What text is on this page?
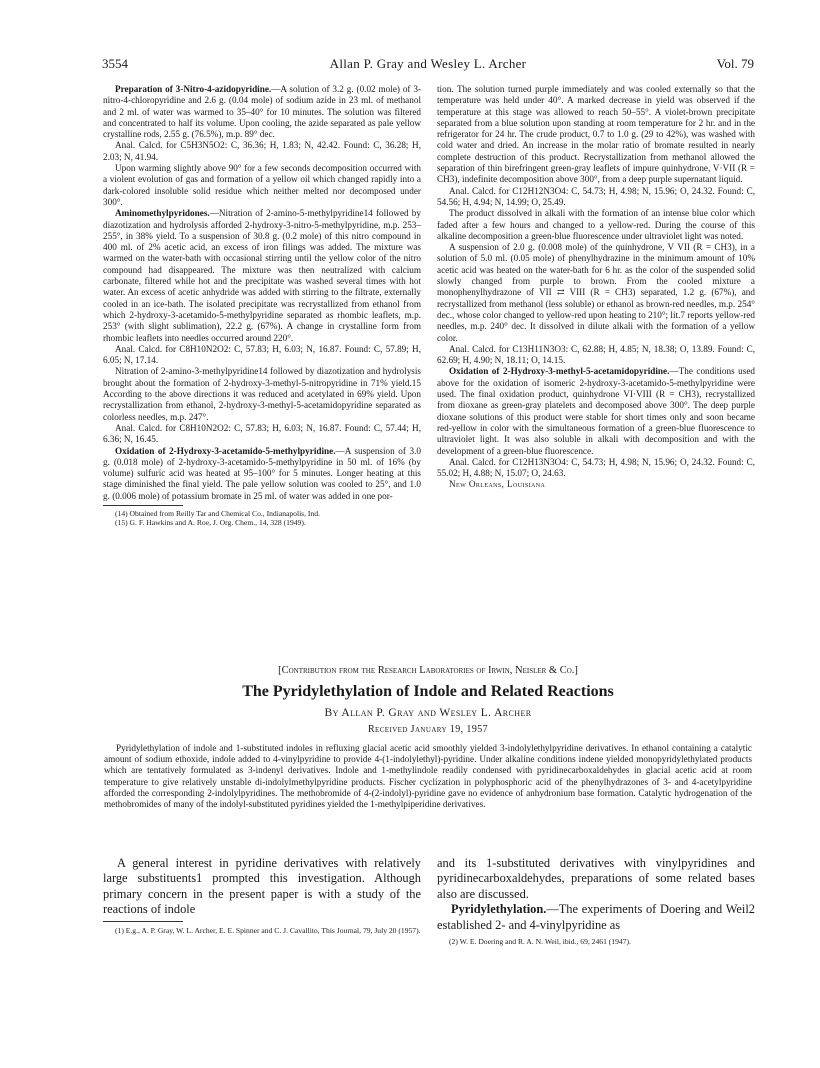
3554	Allan P. Gray and Wesley L. Archer	Vol. 79

Preparation of 3-Nitro-4-azidopyridine.—A solution of 3.2 g. (0.02 mole) of 3-nitro-4-chloropyridine and 2.6 g. (0.04 mole) of sodium azide in 23 ml. of methanol and 2 ml. of water was warmed to 35–40° for 10 minutes. The solution was filtered and concentrated to half its volume. Upon cooling, the azide separated as pale yellow crystalline rods, 2.55 g. (76.5%), m.p. 89° dec.

Anal. Calcd. for C5H3N5O2: C, 36.36; H, 1.83; N, 42.42. Found: C, 36.28; H, 2.03; N, 41.94.

Upon warming slightly above 90° for a few seconds decomposition occurred with a violent evolution of gas and formation of a yellow oil which changed rapidly into a dark-colored insoluble solid residue which neither melted nor decomposed under 300°.

Aminomethylpyridones.—Nitration of 2-amino-5-methylpyridine14 followed by diazotization and hydrolysis afforded 2-hydroxy-3-nitro-5-methylpyridine, m.p. 253–255°, in 38% yield. To a suspension of 30.8 g. (0.2 mole) of this nitro compound in 400 ml. of 2% acetic acid, an excess of iron filings was added. The mixture was warmed on the water-bath with occasional stirring until the yellow color of the nitro compound had disappeared. The mixture was then neutralized with calcium carbonate, filtered while hot and the precipitate was washed several times with hot water. An excess of acetic anhydride was added with stirring to the filtrate, externally cooled in an ice-bath. The isolated precipitate was recrystallized from ethanol from which 2-hydroxy-3-acetamido-5-methylpyridine separated as rhombic leaflets, m.p. 253° (with slight sublimation), 22.2 g. (67%). A change in crystalline form from rhombic leaflets into needles occurred around 220°.

Anal. Calcd. for C8H10N2O2: C, 57.83; H, 6.03; N, 16.87. Found: C, 57.89; H, 6.05; N, 17.14.

Nitration of 2-amino-3-methylpyridine14 followed by diazotization and hydrolysis brought about the formation of 2-hydroxy-3-methyl-5-nitropyridine in 71% yield.15 According to the above directions it was reduced and acetylated in 69% yield. Upon recrystallization from ethanol, 2-hydroxy-3-methyl-5-acetamidopyridine separated as colorless needles, m.p. 247°.

Anal. Calcd. for C8H10N2O2: C, 57.83; H, 6.03; N, 16.87. Found: C, 57.44; H, 6.36; N, 16.45.

Oxidation of 2-Hydroxy-3-acetamido-5-methylpyridine.—A suspension of 3.0 g. (0.018 mole) of 2-hydroxy-3-acetamido-5-methylpyridine in 50 ml. of 16% (by volume) sulfuric acid was heated at 95–100° for 5 minutes. Longer heating at this stage diminished the final yield. The pale yellow solution was cooled to 25°, and 1.0 g. (0.006 mole) of potassium bromate in 25 ml. of water was added in one por-

(14) Obtained from Reilly Tar and Chemical Co., Indianapolis, Ind.

(15) G. F. Hawkins and A. Roe, J. Org. Chem., 14, 328 (1949).

tion. The solution turned purple immediately and was cooled externally so that the temperature was held under 40°. A marked decrease in yield was observed if the temperature at this stage was allowed to reach 50–55°. A violet-brown precipitate separated from a blue solution upon standing at room temperature for 2 hr. and in the refrigerator for 24 hr. The crude product, 0.7 to 1.0 g. (29 to 42%), was washed with cold water and dried. An increase in the molar ratio of bromate resulted in nearly complete destruction of this product. Recrystallization from methanol allowed the separation of thin birefringent green-gray leaflets of impure quinhydrone, V·VII (R = CH3), indefinite decomposition above 300°, from a deep purple supernatant liquid.

Anal. Calcd. for C12H12N3O4: C, 54.73; H, 4.98; N, 15.96; O, 24.32. Found: C, 54.56; H, 4.94; N, 14.99; O, 25.49.

The product dissolved in alkali with the formation of an intense blue color which faded after a few hours and changed to a yellow-red. During the course of this alkaline decomposition a green-blue fluorescence under ultraviolet light was noted.

A suspension of 2.0 g. (0.008 mole) of the quinhydrone, V VII (R = CH3), in a solution of 5.0 ml. (0.05 mole) of phenylhydrazine in the minimum amount of 10% acetic acid was heated on the water-bath for 6 hr. as the color of the suspended solid slowly changed from purple to brown. From the cooled mixture a monophenylhydrazone of VII ⇄ VIII (R = CH3) separated, 1.2 g. (67%), and recrystallized from methanol (less soluble) or ethanol as brown-red needles, m.p. 254° dec., whose color changed to yellow-red upon heating to 210°; lit.7 reports yellow-red needles, m.p. 240° dec. It dissolved in dilute alkali with the formation of a yellow color.

Anal. Calcd. for C13H11N3O3: C, 62.88; H, 4.85; N, 18.38; O, 13.89. Found: C, 62.69; H, 4.90; N, 18.11; O, 14.15.

Oxidation of 2-Hydroxy-3-methyl-5-acetamidopyridine.—The conditions used above for the oxidation of isomeric 2-hydroxy-3-acetamido-5-methylpyridine were used. The final oxidation product, quinhydrone VI·VIII (R = CH3), recrystallized from dioxane as green-gray platelets and decomposed above 300°. The deep purple dioxane solutions of this product were stable for short times only and soon became red-yellow in color with the simultaneous formation of a green-blue fluorescence to ultraviolet light. It was also soluble in alkali with decomposition and with the development of a green-blue fluorescence.

Anal. Calcd. for C12H13N3O4: C, 54.73; H, 4.98; N, 15.96; O, 24.32. Found: C, 55.02; H, 4.88; N, 15.07; O, 24.63.

New Orleans, Louisiana

[Contribution from the Research Laboratories of Irwin, Neisler & Co.]
The Pyridylethylation of Indole and Related Reactions
By Allan P. Gray and Wesley L. Archer
Received January 19, 1957
Pyridylethylation of indole and 1-substituted indoles in refluxing glacial acetic acid smoothly yielded 3-indolylethylpyridine derivatives. In ethanol containing a catalytic amount of sodium ethoxide, indole added to 4-vinylpyridine to provide 4-(1-indolylethyl)-pyridine. Under alkaline conditions indene yielded monopyridylethylated products which are tentatively formulated as 3-indenyl derivatives. Indole and 1-methylindole readily condensed with pyridinecarboxaldehydes in glacial acetic acid at room temperature to give relatively unstable di-indolylmethylpyridine products. Fischer cyclization in polyphosphoric acid of the phenylhydrazones of 3- and 4-acetylpyridine afforded the corresponding 2-indolylpyridines. The methobromide of 4-(2-indolyl)-pyridine gave no evidence of anhydronium base formation. Catalytic hydrogenation of the methobromides of many of the indolyl-substituted pyridines yielded the 1-methylpiperidine derivatives.

A general interest in pyridine derivatives with relatively large substituents1 prompted this investigation. Although primary concern in the present paper is with a study of the reactions of indole

(1) E.g., A. P. Gray, W. L. Archer, E. E. Spinner and C. J. Cavallito, This Journal, 79, July 20 (1957).

and its 1-substituted derivatives with vinylpyridines and pyridinecarboxaldehydes, preparations of some related bases also are discussed.

Pyridylethylation.—The experiments of Doering and Weil2 established 2- and 4-vinylpyridine as

(2) W. E. Doering and R. A. N. Weil, ibid., 69, 2461 (1947).
